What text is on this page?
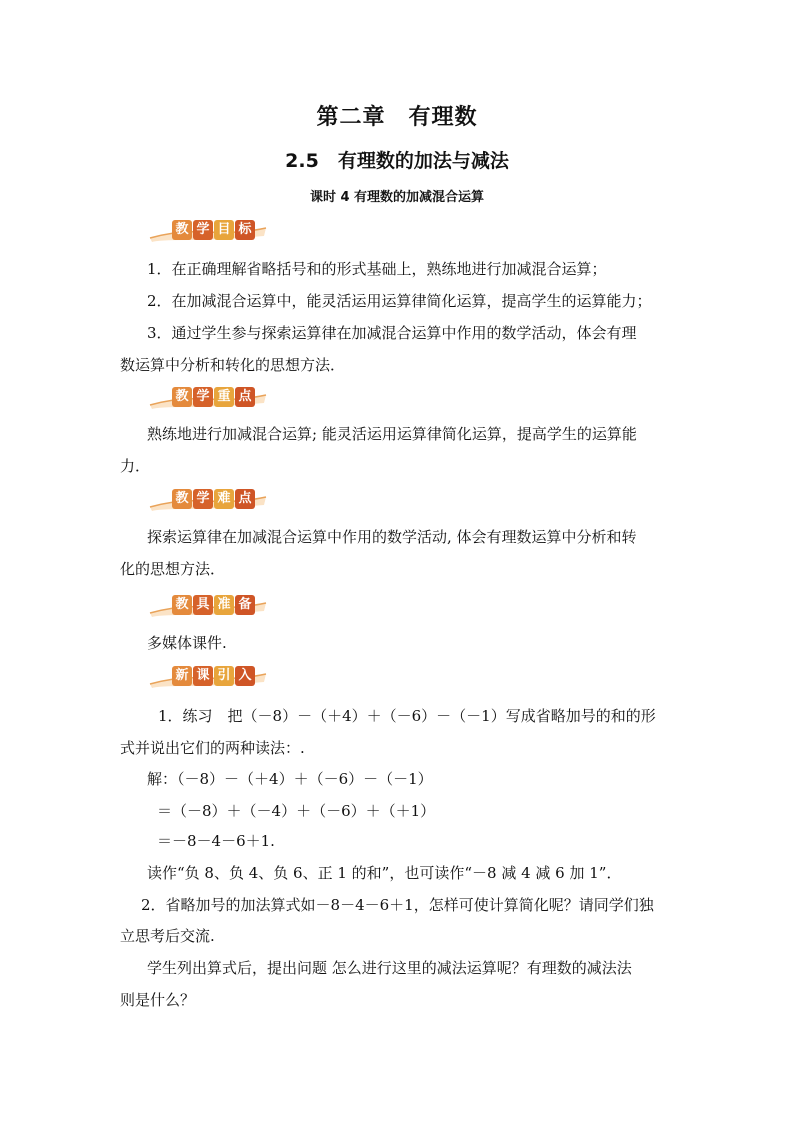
第二章　有理数
2.5　有理数的加法与减法
课时 4 有理数的加减混合运算
教 学 目 标
1．在正确理解省略括号和的形式基础上，熟练地进行加减混合运算；
2．在加减混合运算中，能灵活运用运算律简化运算，提高学生的运算能力；
3．通过学生参与探索运算律在加减混合运算中作用的数学活动，体会有理
数运算中分析和转化的思想方法．
教 学 重 点
熟练地进行加减混合运算; 能灵活运用运算律简化运算，提高学生的运算能
力．
教 学 难 点
探索运算律在加减混合运算中作用的数学活动, 体会有理数运算中分析和转
化的思想方法．
教 具 准 备
多媒体课件.
新 课 引 入
1．练习　把（－8）－（＋4）＋（－6）－（－1）写成省略加号的和的形
式并说出它们的两种读法：.
解：（－8）－（＋4）＋（－6）－（－1）
＝（－8）＋（－4）＋（－6）＋（＋1）
＝－8－4－6＋1.
读作“负 8、负 4、负 6、正 1 的和”，也可读作“－8 减 4 减 6 加 1”．
2．省略加号的加法算式如－8－4－6＋1，怎样可使计算简化呢？请同学们独
立思考后交流.
学生列出算式后，提出问题 怎么进行这里的减法运算呢？有理数的减法法
则是什么？
